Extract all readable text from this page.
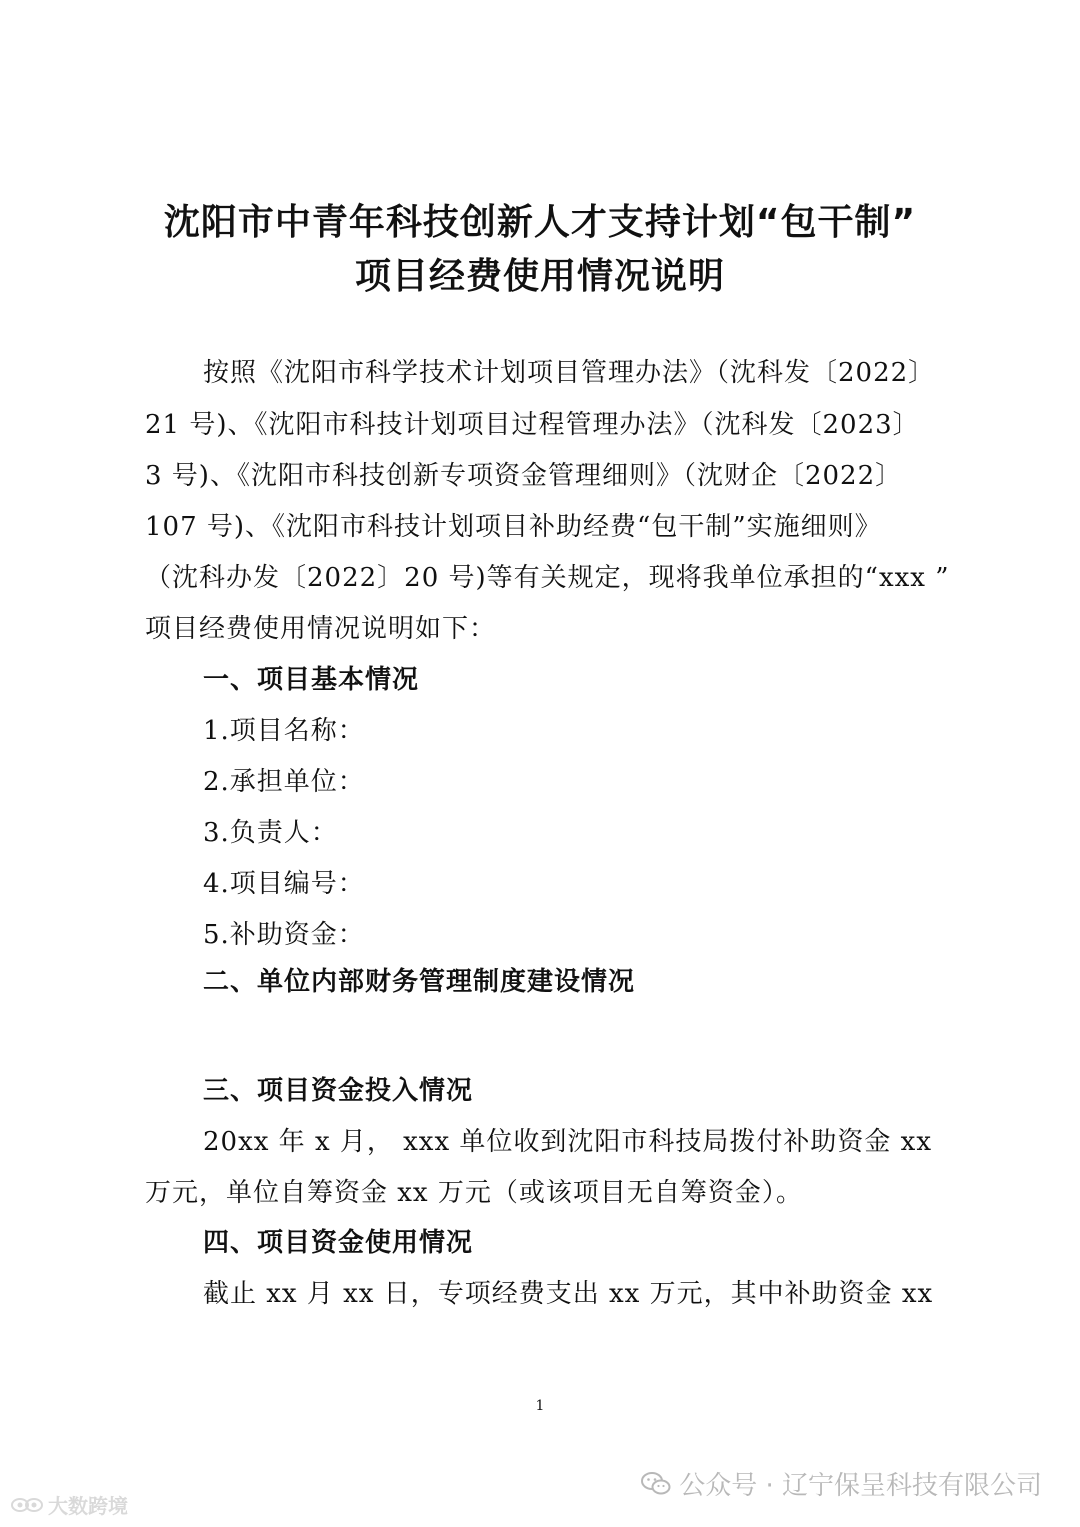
沈阳市中青年科技创新人才支持计划“包干制”
项目经费使用情况说明
按照《沈阳市科学技术计划项目管理办法》（沈科发〔2022〕
21 号)、《沈阳市科技计划项目过程管理办法》（沈科发〔2023〕
3 号)、《沈阳市科技创新专项资金管理细则》（沈财企〔2022〕
107 号)、《沈阳市科技计划项目补助经费“包干制”实施细则》
（沈科办发〔2022〕20 号)等有关规定，现将我单位承担的“xxx ”
项目经费使用情况说明如下：
一、项目基本情况
1.项目名称：
2.承担单位：
3.负责人：
4.项目编号：
5.补助资金：
二、单位内部财务管理制度建设情况
三、项目资金投入情况
20xx 年 x 月， xxx 单位收到沈阳市科技局拨付补助资金 xx
万元，单位自筹资金 xx 万元（或该项目无自筹资金）。
四、项目资金使用情况
截止 xx 月 xx 日，专项经费支出 xx 万元，其中补助资金 xx
1
公众号 · 辽宁保呈科技有限公司
大数跨境
